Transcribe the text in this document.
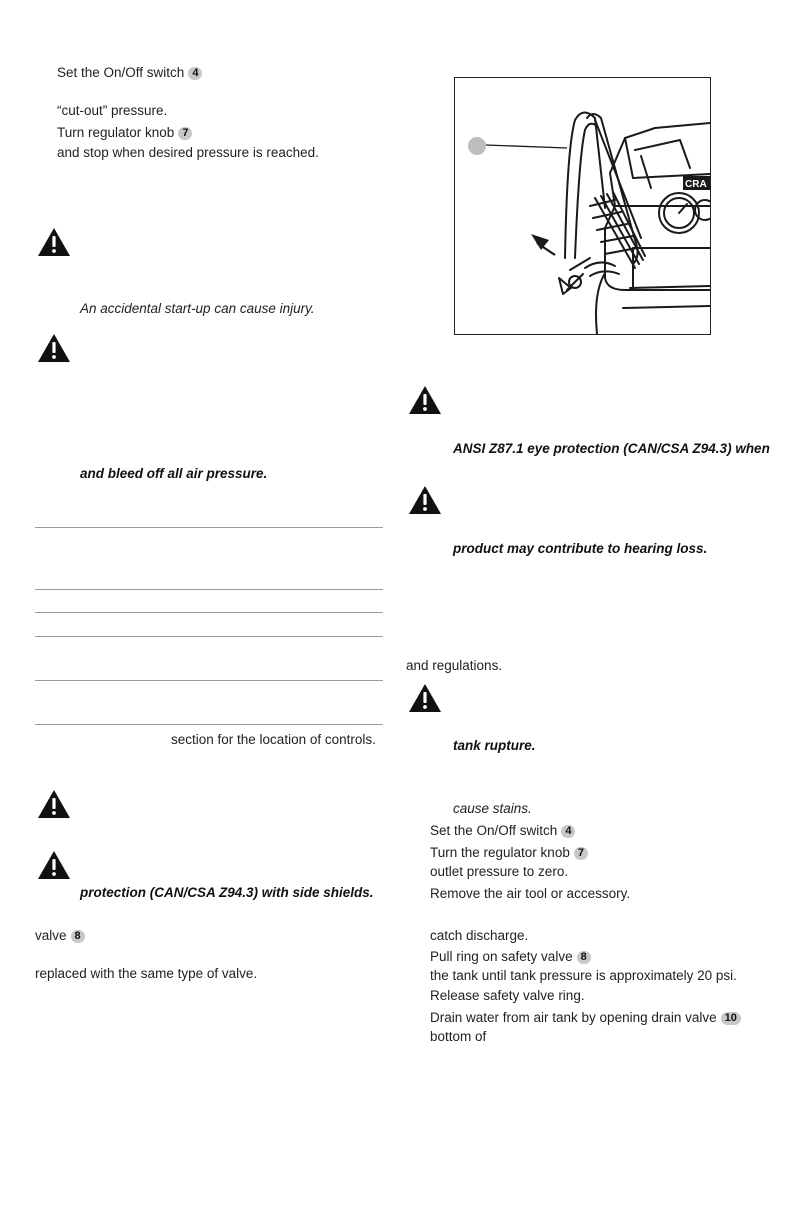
Set the On/Off switch 4
“cut-out” pressure.
Turn regulator knob 7
and stop when desired pressure is reached.
An accidental start-up can cause injury.
and bleed off all air pressure.
section for the location of controls.
protection (CAN/CSA Z94.3) with side shields.
valve 8
replaced with the same type of valve.
CRA
ANSI Z87.1 eye protection (CAN/CSA Z94.3) when
product may contribute to hearing loss.
and regulations.
tank rupture.
cause stains.
Set the On/Off switch 4
Turn the regulator knob 7
outlet pressure to zero.
Remove the air tool or accessory.
catch discharge.
Pull ring on safety valve 8
the tank until tank pressure is approximately 20 psi.
Release safety valve ring.
Drain water from air tank by opening drain valve 10
bottom of
